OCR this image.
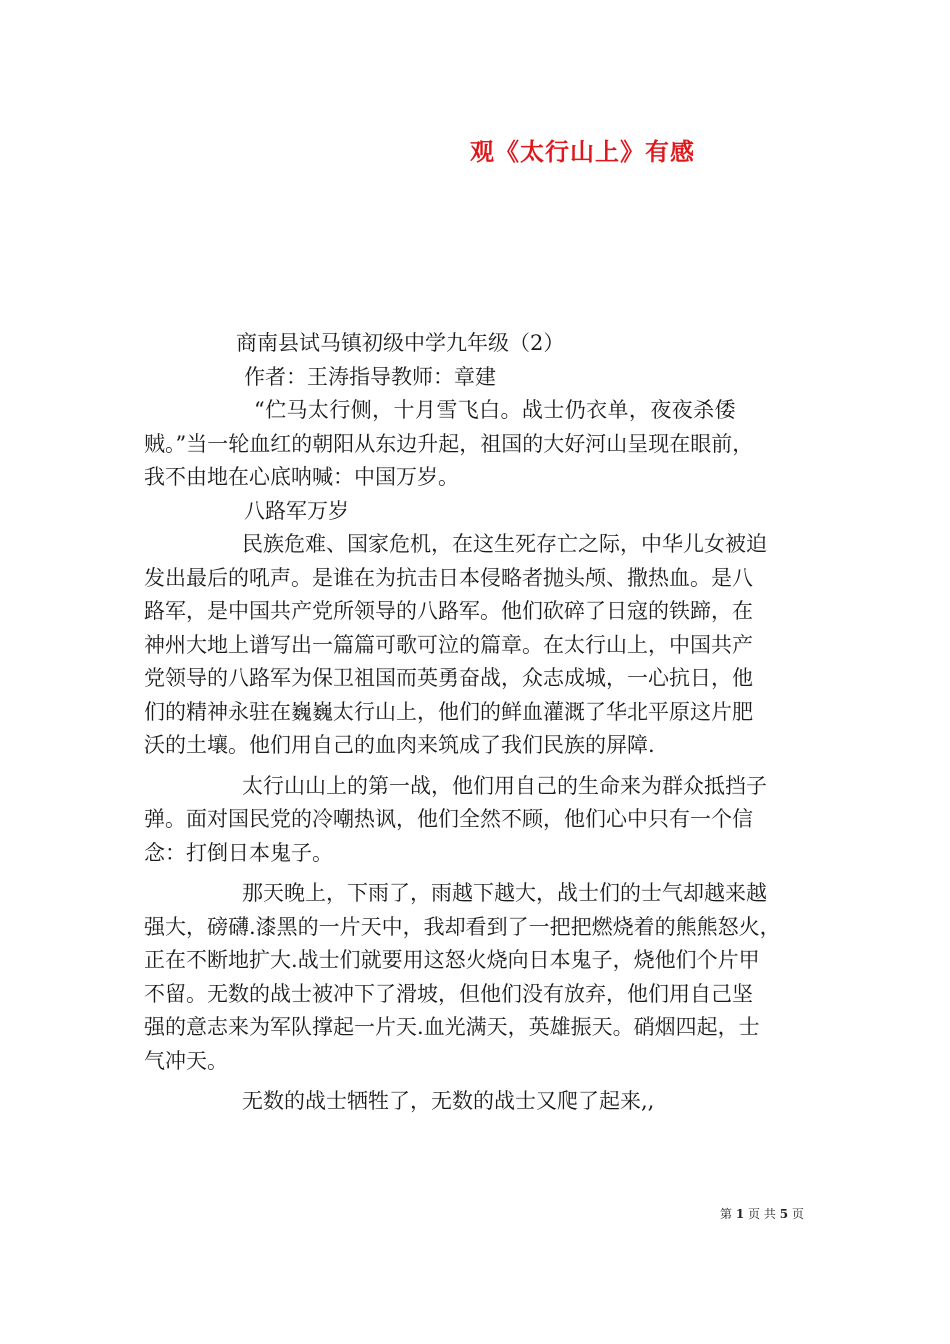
观《太行山上》有感
商南县试马镇初级中学九年级（2）
作者：王涛指导教师：章建
“伫马太行侧，十月雪飞白。战士仍衣单，夜夜杀倭
贼。”当一轮血红的朝阳从东边升起，祖国的大好河山呈现在眼前，
我不由地在心底呐喊：中国万岁。
八路军万岁
民族危难、国家危机，在这生死存亡之际，中华儿女被迫
发出最后的吼声。是谁在为抗击日本侵略者抛头颅、撒热血。是八
路军，是中国共产党所领导的八路军。他们砍碎了日寇的铁蹄，在
神州大地上谱写出一篇篇可歌可泣的篇章。在太行山上，中国共产
党领导的八路军为保卫祖国而英勇奋战，众志成城，一心抗日，他
们的精神永驻在巍巍太行山上，他们的鲜血灌溉了华北平原这片肥
沃的土壤。他们用自己的血肉来筑成了我们民族的屏障.
太行山山上的第一战，他们用自己的生命来为群众抵挡子
弹。面对国民党的冷嘲热讽，他们全然不顾，他们心中只有一个信
念：打倒日本鬼子。
那天晚上，下雨了，雨越下越大，战士们的士气却越来越
强大，磅礴.漆黑的一片天中，我却看到了一把把燃烧着的熊熊怒火，
正在不断地扩大.战士们就要用这怒火烧向日本鬼子，烧他们个片甲
不留。无数的战士被冲下了滑坡，但他们没有放弃，他们用自己坚
强的意志来为军队撑起一片天.血光满天，英雄振天。硝烟四起，士
气冲天。
无数的战士牺牲了，无数的战士又爬了起来,,
第 1 页 共 5 页
